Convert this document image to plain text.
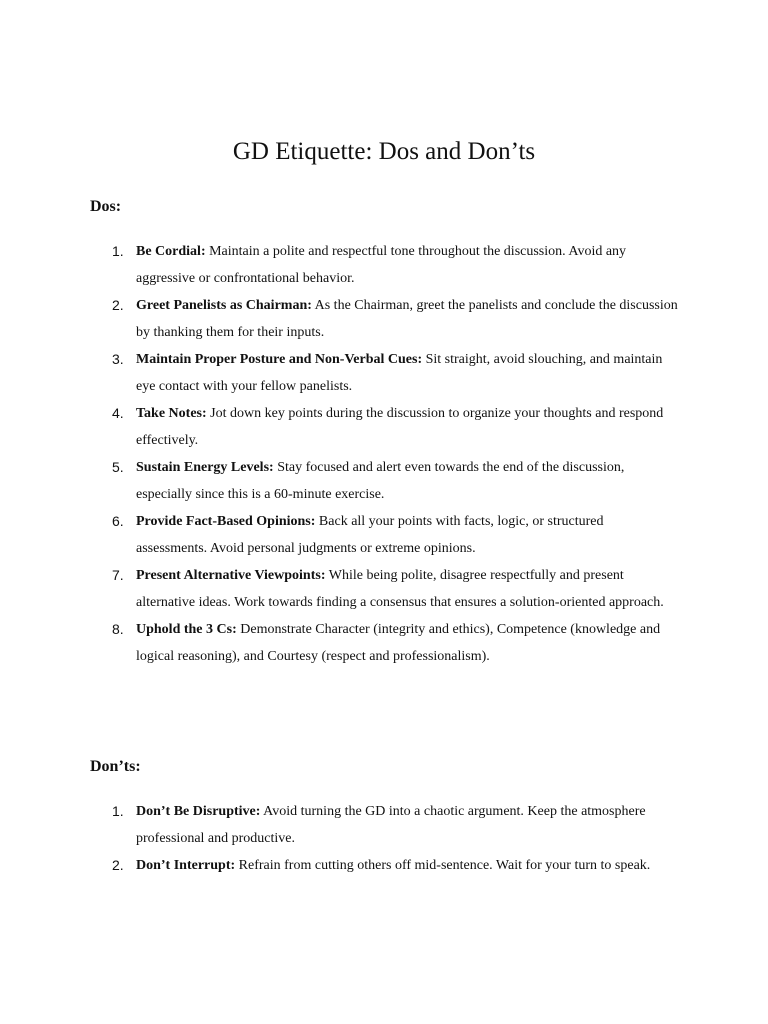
GD Etiquette: Dos and Don’ts
Dos:
1. Be Cordial: Maintain a polite and respectful tone throughout the discussion. Avoid any aggressive or confrontational behavior.
2. Greet Panelists as Chairman: As the Chairman, greet the panelists and conclude the discussion by thanking them for their inputs.
3. Maintain Proper Posture and Non-Verbal Cues: Sit straight, avoid slouching, and maintain eye contact with your fellow panelists.
4. Take Notes: Jot down key points during the discussion to organize your thoughts and respond effectively.
5. Sustain Energy Levels: Stay focused and alert even towards the end of the discussion, especially since this is a 60-minute exercise.
6. Provide Fact-Based Opinions: Back all your points with facts, logic, or structured assessments. Avoid personal judgments or extreme opinions.
7. Present Alternative Viewpoints: While being polite, disagree respectfully and present alternative ideas. Work towards finding a consensus that ensures a solution-oriented approach.
8. Uphold the 3 Cs: Demonstrate Character (integrity and ethics), Competence (knowledge and logical reasoning), and Courtesy (respect and professionalism).
Don’ts:
1. Don’t Be Disruptive: Avoid turning the GD into a chaotic argument. Keep the atmosphere professional and productive.
2. Don’t Interrupt: Refrain from cutting others off mid-sentence. Wait for your turn to speak.
